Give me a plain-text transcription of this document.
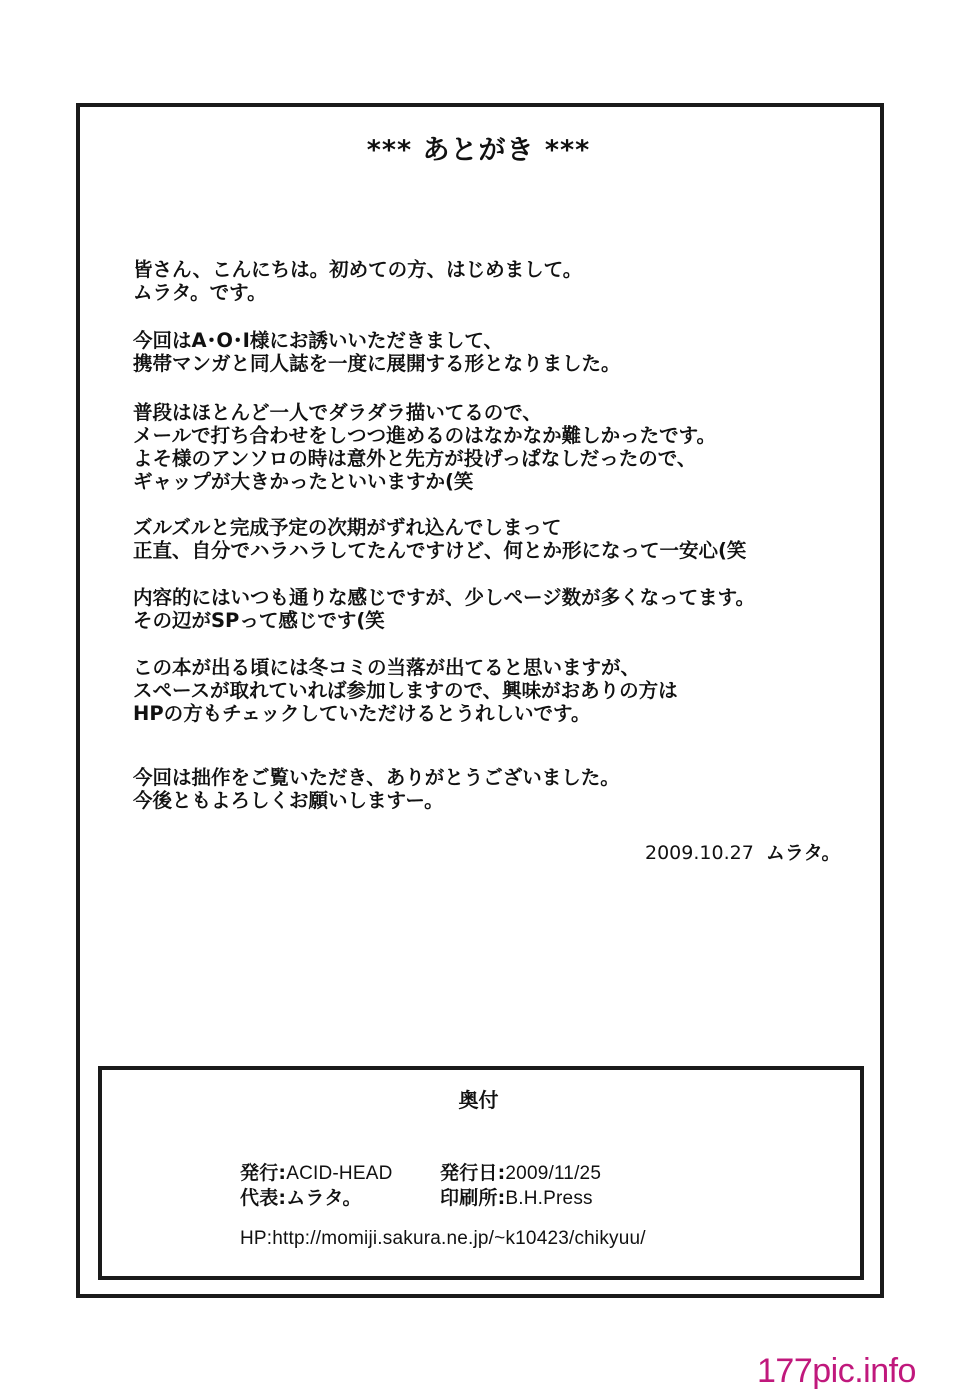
*** あとがき ***

皆さん、こんにちは。初めての方、はじめまして。
ムラタ。です。

今回はA･O･I様にお誘いいただきまして、
携帯マンガと同人誌を一度に展開する形となりました。

普段はほとんど一人でダラダラ描いてるので、
メールで打ち合わせをしつつ進めるのはなかなか難しかったです。
よそ様のアンソロの時は意外と先方が投げっぱなしだったので、
ギャップが大きかったといいますか(笑

ズルズルと完成予定の次期がずれ込んでしまって
正直、自分でハラハラしてたんですけど、何とか形になって一安心(笑

内容的にはいつも通りな感じですが、少しページ数が多くなってます。
その辺がSPって感じです(笑

この本が出る頃には冬コミの当落が出てると思いますが、
スペースが取れていれば参加しますので、興味がおありの方は
HPの方もチェックしていただけるとうれしいです。

今回は拙作をご覧いただき、ありがとうございました。
今後ともよろしくお願いしますー。

2009.10.27 ムラタ。
奥付
発行:ACID-HEAD 発行日:2009/11/25
代表:ムラタ。	印刷所:B.H.Press
HP:http://momiji.sakura.ne.jp/~k10423/chikyuu/
177pic.info
